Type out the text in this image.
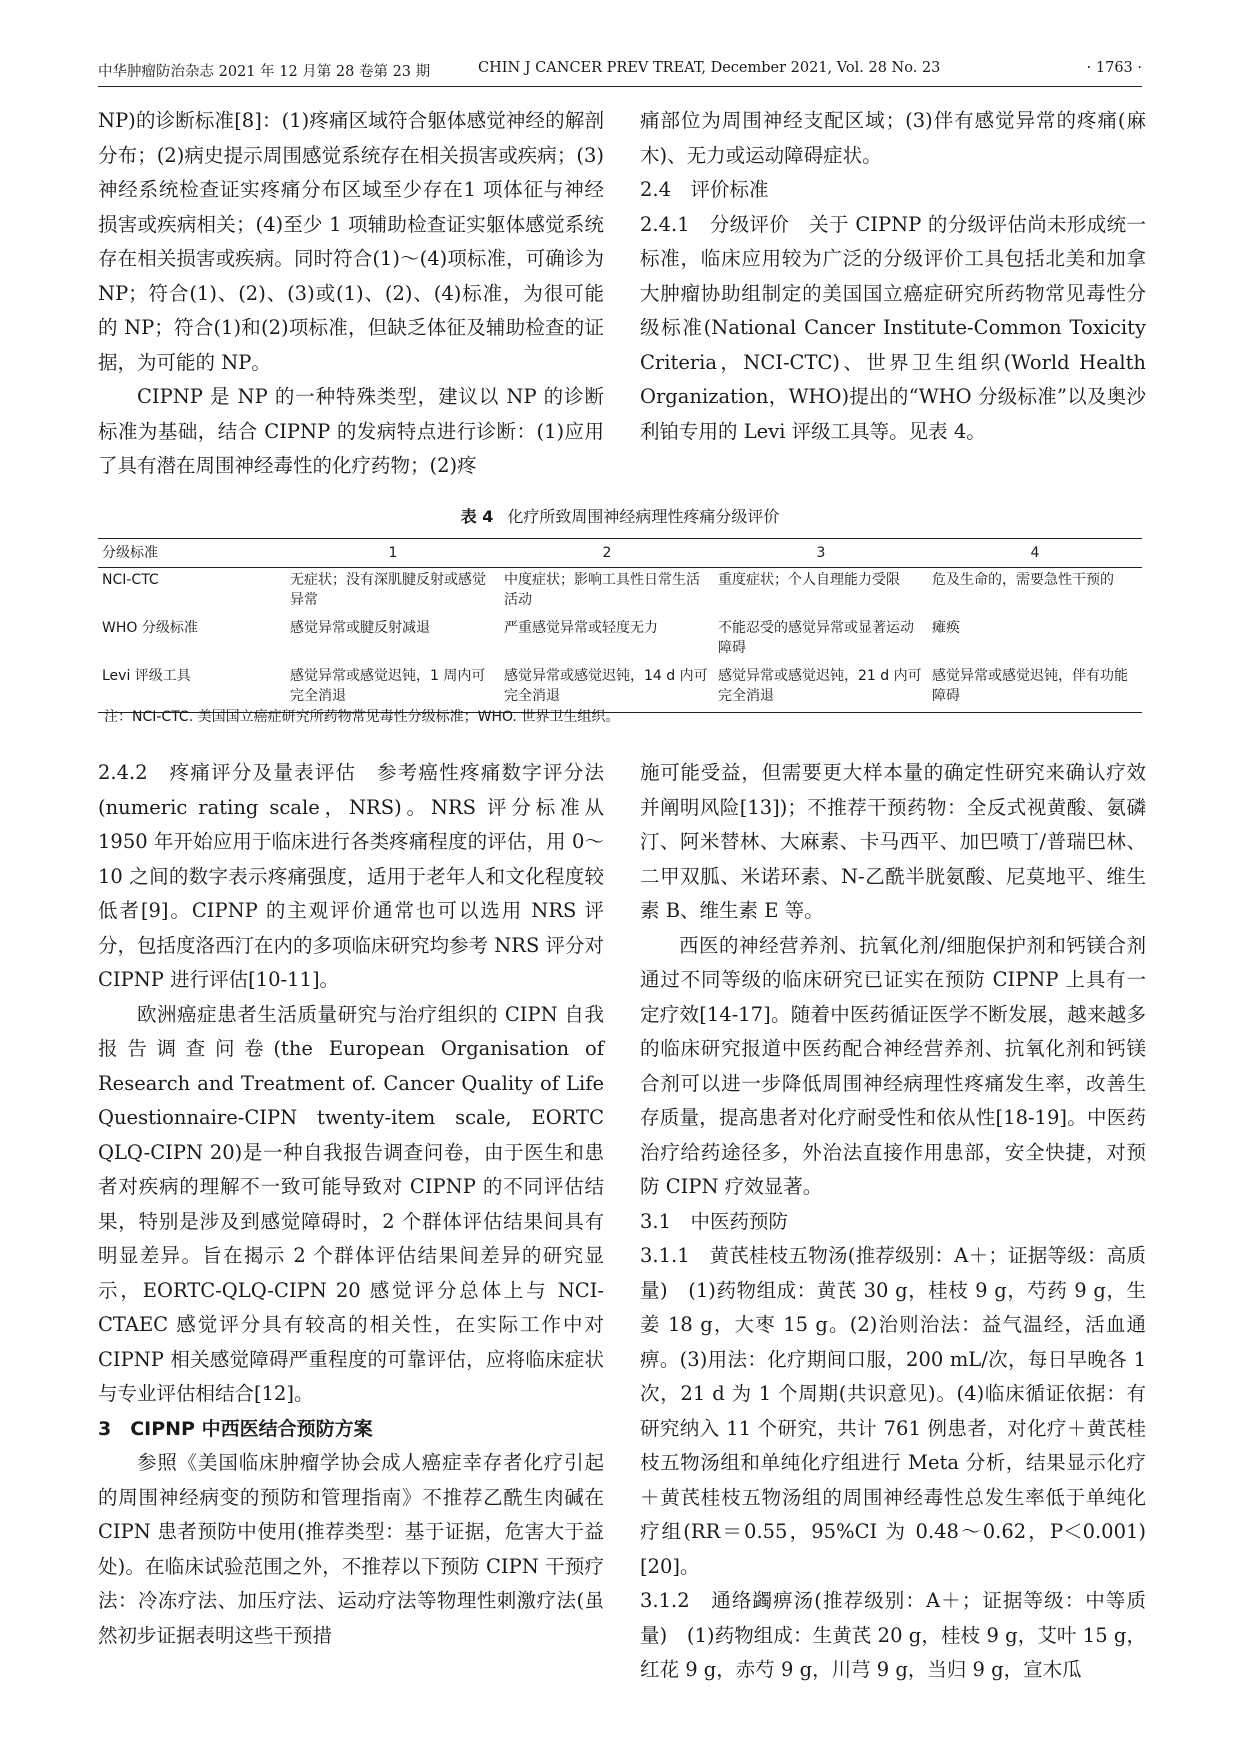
中华肿瘤防治杂志 2021 年 12 月第 28 卷第 23 期	CHIN J CANCER PREV TREAT, December 2021, Vol. 28 No. 23	· 1763 ·

NP)的诊断标准[8]：(1)疼痛区域符合躯体感觉神经的解剖分布；(2)病史提示周围感觉系统存在相关损害或疾病；(3)神经系统检查证实疼痛分布区域至少存在1 项体征与神经损害或疾病相关；(4)至少 1 项辅助检查证实躯体感觉系统存在相关损害或疾病。同时符合(1)～(4)项标准，可确诊为 NP；符合(1)、(2)、(3)或(1)、(2)、(4)标准，为很可能的 NP；符合(1)和(2)项标准，但缺乏体征及辅助检查的证据，为可能的 NP。

CIPNP 是 NP 的一种特殊类型，建议以 NP 的诊断标准为基础，结合 CIPNP 的发病特点进行诊断：(1)应用了具有潜在周围神经毒性的化疗药物；(2)疼

痛部位为周围神经支配区域；(3)伴有感觉异常的疼痛(麻木)、无力或运动障碍症状。

2.4　评价标准

2.4.1　分级评价　关于 CIPNP 的分级评估尚未形成统一标准，临床应用较为广泛的分级评价工具包括北美和加拿大肿瘤协助组制定的美国国立癌症研究所药物常见毒性分级标准(National Cancer Institute-Common Toxicity Criteria，NCI-CTC)、世界卫生组织(World Health Organization，WHO)提出的“WHO 分级标准”以及奥沙利铂专用的 Levi 评级工具等。见表 4。

表 4 化疗所致周围神经病理性疼痛分级评价
分级标准	1	2	3	4
NCI-CTC	无症状；没有深肌腱反射或感觉异常	中度症状；影响工具性日常生活活动	重度症状；个人自理能力受限	危及生命的，需要急性干预的
WHO 分级标准	感觉异常或腱反射减退	严重感觉异常或轻度无力	不能忍受的感觉异常或显著运动障碍	瘫痪
Levi 评级工具	感觉异常或感觉迟钝，1 周内可完全消退	感觉异常或感觉迟钝，14 d 内可完全消退	感觉异常或感觉迟钝，21 d 内可完全消退	感觉异常或感觉迟钝，伴有功能障碍
注：NCI-CTC. 美国国立癌症研究所药物常见毒性分级标准；WHO. 世界卫生组织。

2.4.2　疼痛评分及量表评估　参考癌性疼痛数字评分法(numeric rating scale，NRS)。NRS 评分标准从 1950 年开始应用于临床进行各类疼痛程度的评估，用 0～10 之间的数字表示疼痛强度，适用于老年人和文化程度较低者[9]。CIPNP 的主观评价通常也可以选用 NRS 评分，包括度洛西汀在内的多项临床研究均参考 NRS 评分对 CIPNP 进行评估[10-11]。

欧洲癌症患者生活质量研究与治疗组织的 CIPN 自我报告调查问卷(the European Organisation of Research and Treatment of. Cancer Quality of Life Questionnaire-CIPN twenty-item scale, EORTC QLQ-CIPN 20)是一种自我报告调查问卷，由于医生和患者对疾病的理解不一致可能导致对 CIPNP 的不同评估结果，特别是涉及到感觉障碍时，2 个群体评估结果间具有明显差异。旨在揭示 2 个群体评估结果间差异的研究显示，EORTC-QLQ-CIPN 20 感觉评分总体上与 NCI-CTAEC 感觉评分具有较高的相关性，在实际工作中对 CIPNP 相关感觉障碍严重程度的可靠评估，应将临床症状与专业评估相结合[12]。

3　CIPNP 中西医结合预防方案

参照《美国临床肿瘤学协会成人癌症幸存者化疗引起的周围神经病变的预防和管理指南》不推荐乙酰生肉碱在 CIPN 患者预防中使用(推荐类型：基于证据，危害大于益处)。在临床试验范围之外，不推荐以下预防 CIPN 干预疗法：冷冻疗法、加压疗法、运动疗法等物理性刺激疗法(虽然初步证据表明这些干预措

施可能受益，但需要更大样本量的确定性研究来确认疗效并阐明风险[13])；不推荐干预药物：全反式视黄酸、氨磷汀、阿米替林、大麻素、卡马西平、加巴喷丁/普瑞巴林、二甲双胍、米诺环素、N-乙酰半胱氨酸、尼莫地平、维生素 B、维生素 E 等。

西医的神经营养剂、抗氧化剂/细胞保护剂和钙镁合剂通过不同等级的临床研究已证实在预防 CIPNP 上具有一定疗效[14-17]。随着中医药循证医学不断发展，越来越多的临床研究报道中医药配合神经营养剂、抗氧化剂和钙镁合剂可以进一步降低周围神经病理性疼痛发生率，改善生存质量，提高患者对化疗耐受性和依从性[18-19]。中医药治疗给药途径多，外治法直接作用患部，安全快捷，对预防 CIPN 疗效显著。

3.1　中医药预防

3.1.1　黄芪桂枝五物汤(推荐级别：A＋；证据等级：高质量)　(1)药物组成：黄芪 30 g，桂枝 9 g，芍药 9 g，生姜 18 g，大枣 15 g。(2)治则治法：益气温经，活血通痹。(3)用法：化疗期间口服，200 mL/次，每日早晚各 1 次，21 d 为 1 个周期(共识意见)。(4)临床循证依据：有研究纳入 11 个研究，共计 761 例患者，对化疗＋黄芪桂枝五物汤组和单纯化疗组进行 Meta 分析，结果显示化疗＋黄芪桂枝五物汤组的周围神经毒性总发生率低于单纯化疗组(RR＝0.55，95%CI 为 0.48～0.62，P＜0.001)[20]。

3.1.2　通络蠲痹汤(推荐级别：A＋；证据等级：中等质量)　(1)药物组成：生黄芪 20 g，桂枝 9 g，艾叶 15 g，红花 9 g，赤芍 9 g，川芎 9 g，当归 9 g，宣木瓜
